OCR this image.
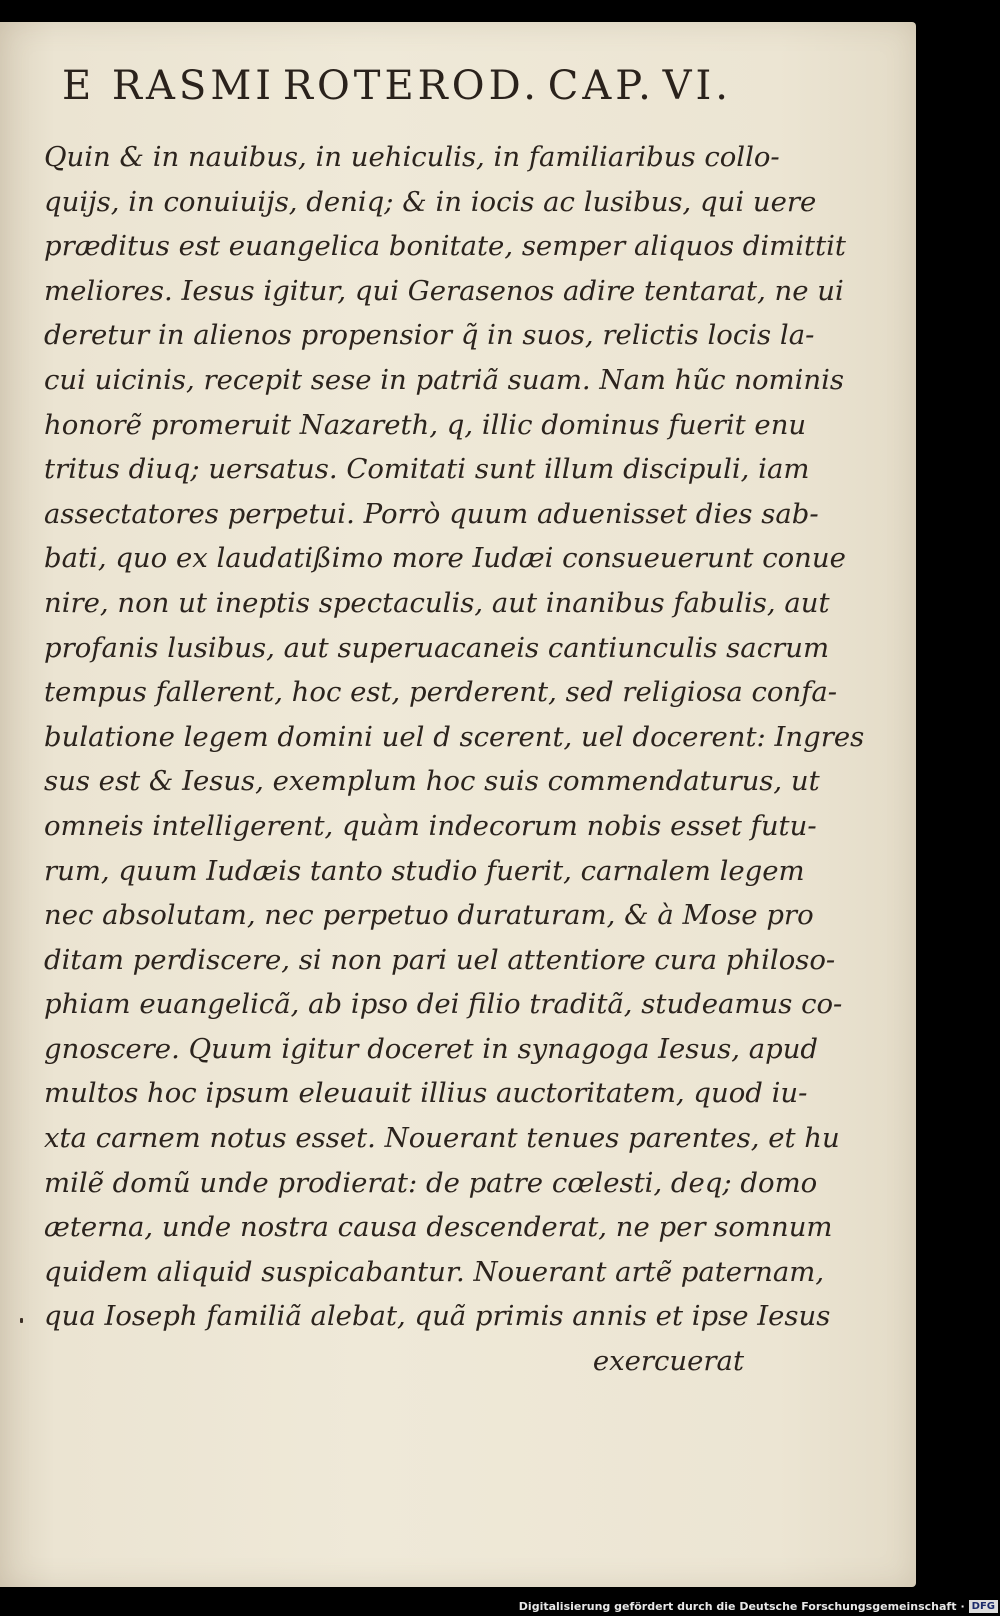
E RASMI ROTEROD. CAP. VI.
Quin & in nauibus, in uehiculis, in familiaribus collo-
quijs, in conuiuijs, deniq; & in iocis ac lusibus, qui uere
præditus est euangelica bonitate, semper aliquos dimittit
meliores. Iesus igitur, qui Gerasenos adire tentarat, ne ui
deretur in alienos propensior q̃ in suos, relictis locis la-
cui uicinis, recepit sese in patriã suam. Nam hũc nominis
honorẽ promeruit Nazareth, q, illic dominus fuerit enu
tritus diuq; uersatus. Comitati sunt illum discipuli, iam
assectatores perpetui. Porrò quum aduenisset dies sab-
bati, quo ex laudatißimo more Iudæi consueuerunt conue
nire, non ut ineptis spectaculis, aut inanibus fabulis, aut
profanis lusibus, aut superuacaneis cantiunculis sacrum
tempus fallerent, hoc est, perderent, sed religiosa confa-
bulatione legem domini uel d scerent, uel docerent: Ingres
sus est & Iesus, exemplum hoc suis commendaturus, ut
omneis intelligerent, quàm indecorum nobis esset futu-
rum, quum Iudæis tanto studio fuerit, carnalem legem
nec absolutam, nec perpetuo duraturam, & à Mose pro
ditam perdiscere, si non pari uel attentiore cura philoso-
phiam euangelicã, ab ipso dei filio traditã, studeamus co-
gnoscere. Quum igitur doceret in synagoga Iesus, apud
multos hoc ipsum eleuauit illius auctoritatem, quod iu-
xta carnem notus esset. Nouerant tenues parentes, et hu
milẽ domũ unde prodierat: de patre cœlesti, deq; domo
æterna, unde nostra causa descenderat, ne per somnum
quidem aliquid suspicabantur. Nouerant artẽ paternam,
qua Ioseph familiã alebat, quã primis annis et ipse Iesus
exercuerat
Digitalisierung gefördert durch die Deutsche Forschungsgemeinschaft · DFG
